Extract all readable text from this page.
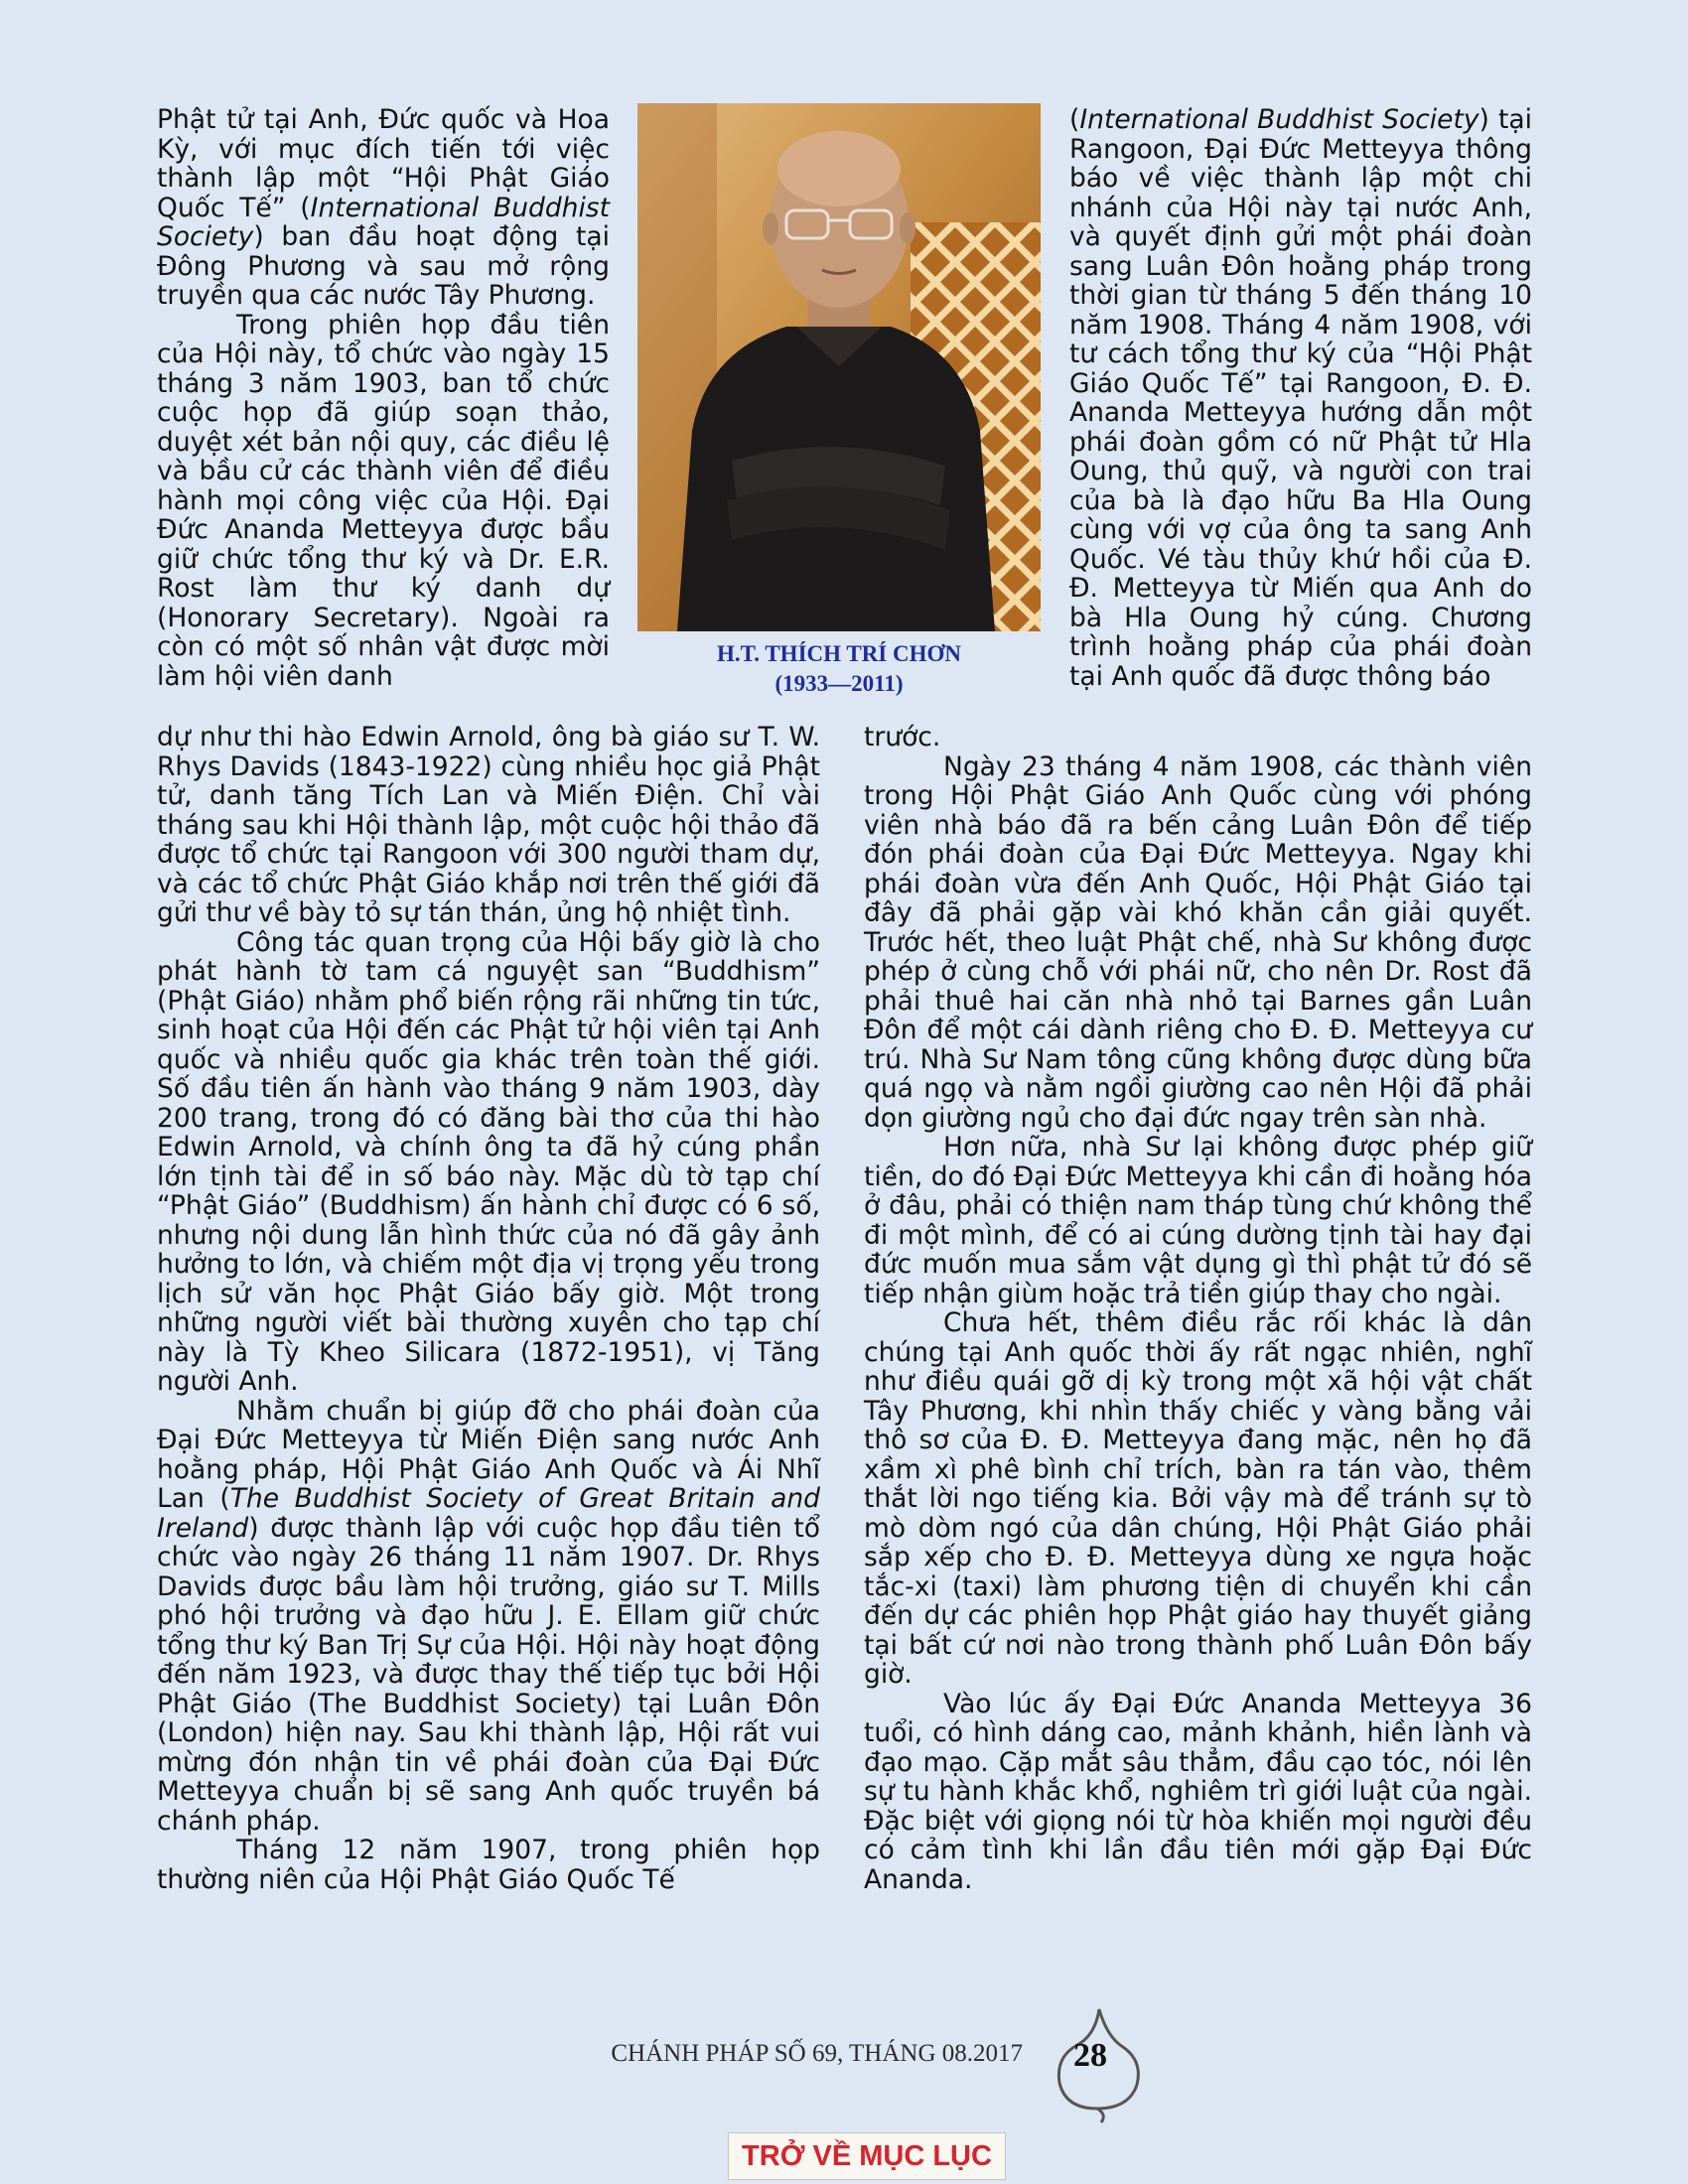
Phật tử tại Anh, Đức quốc và Hoa Kỳ, với mục đích tiến tới việc thành lập một “Hội Phật Giáo Quốc Tế” (International Buddhist Society) ban đầu hoạt động tại Đông Phương và sau mở rộng truyền qua các nước Tây Phương.

Trong phiên họp đầu tiên của Hội này, tổ chức vào ngày 15 tháng 3 năm 1903, ban tổ chức cuộc họp đã giúp soạn thảo, duyệt xét bản nội quy, các điều lệ và bầu cử các thành viên để điều hành mọi công việc của Hội. Đại Đức Ananda Metteyya được bầu giữ chức tổng thư ký và Dr. E.R. Rost làm thư ký danh dự (Honorary Secretary). Ngoài ra còn có một số nhân vật được mời làm hội viên danh

H.T. THÍCH TRÍ CHƠN
(1933—2011)

(International Buddhist Society) tại Rangoon, Đại Đức Metteyya thông báo về việc thành lập một chi nhánh của Hội này tại nước Anh, và quyết định gửi một phái đoàn sang Luân Đôn hoằng pháp trong thời gian từ tháng 5 đến tháng 10 năm 1908. Tháng 4 năm 1908, với tư cách tổng thư ký của “Hội Phật Giáo Quốc Tế” tại Rangoon, Đ. Đ. Ananda Metteyya hướng dẫn một phái đoàn gồm có nữ Phật tử Hla Oung, thủ quỹ, và người con trai của bà là đạo hữu Ba Hla Oung cùng với vợ của ông ta sang Anh Quốc. Vé tàu thủy khứ hồi của Đ. Đ. Metteyya từ Miến qua Anh do bà Hla Oung hỷ cúng. Chương trình hoằng pháp của phái đoàn tại Anh quốc đã được thông báo

dự như thi hào Edwin Arnold, ông bà giáo sư T. W. Rhys Davids (1843-1922) cùng nhiều học giả Phật tử, danh tăng Tích Lan và Miến Điện. Chỉ vài tháng sau khi Hội thành lập, một cuộc hội thảo đã được tổ chức tại Rangoon với 300 người tham dự, và các tổ chức Phật Giáo khắp nơi trên thế giới đã gửi thư về bày tỏ sự tán thán, ủng hộ nhiệt tình.

Công tác quan trọng của Hội bấy giờ là cho phát hành tờ tam cá nguyệt san “Buddhism” (Phật Giáo) nhằm phổ biến rộng rãi những tin tức, sinh hoạt của Hội đến các Phật tử hội viên tại Anh quốc và nhiều quốc gia khác trên toàn thế giới. Số đầu tiên ấn hành vào tháng 9 năm 1903, dày 200 trang, trong đó có đăng bài thơ của thi hào Edwin Arnold, và chính ông ta đã hỷ cúng phần lớn tịnh tài để in số báo này. Mặc dù tờ tạp chí “Phật Giáo” (Buddhism) ấn hành chỉ được có 6 số, nhưng nội dung lẫn hình thức của nó đã gây ảnh hưởng to lớn, và chiếm một địa vị trọng yếu trong lịch sử văn học Phật Giáo bấy giờ. Một trong những người viết bài thường xuyên cho tạp chí này là Tỳ Kheo Silicara (1872-1951), vị Tăng người Anh.

Nhằm chuẩn bị giúp đỡ cho phái đoàn của Đại Đức Metteyya từ Miến Điện sang nước Anh hoằng pháp, Hội Phật Giáo Anh Quốc và Ái Nhĩ Lan (The Buddhist Society of Great Britain and Ireland) được thành lập với cuộc họp đầu tiên tổ chức vào ngày 26 tháng 11 năm 1907. Dr. Rhys Davids được bầu làm hội trưởng, giáo sư T. Mills phó hội trưởng và đạo hữu J. E. Ellam giữ chức tổng thư ký Ban Trị Sự của Hội. Hội này hoạt động đến năm 1923, và được thay thế tiếp tục bởi Hội Phật Giáo (The Buddhist Society) tại Luân Đôn (London) hiện nay. Sau khi thành lập, Hội rất vui mừng đón nhận tin về phái đoàn của Đại Đức Metteyya chuẩn bị sẽ sang Anh quốc truyền bá chánh pháp.

Tháng 12 năm 1907, trong phiên họp thường niên của Hội Phật Giáo Quốc Tế

trước.

Ngày 23 tháng 4 năm 1908, các thành viên trong Hội Phật Giáo Anh Quốc cùng với phóng viên nhà báo đã ra bến cảng Luân Đôn để tiếp đón phái đoàn của Đại Đức Metteyya. Ngay khi phái đoàn vừa đến Anh Quốc, Hội Phật Giáo tại đây đã phải gặp vài khó khăn cần giải quyết. Trước hết, theo luật Phật chế, nhà Sư không được phép ở cùng chỗ với phái nữ, cho nên Dr. Rost đã phải thuê hai căn nhà nhỏ tại Barnes gần Luân Đôn để một cái dành riêng cho Đ. Đ. Metteyya cư trú. Nhà Sư Nam tông cũng không được dùng bữa quá ngọ và nằm ngồi giường cao nên Hội đã phải dọn giường ngủ cho đại đức ngay trên sàn nhà.

Hơn nữa, nhà Sư lại không được phép giữ tiền, do đó Đại Đức Metteyya khi cần đi hoằng hóa ở đâu, phải có thiện nam tháp tùng chứ không thể đi một mình, để có ai cúng dường tịnh tài hay đại đức muốn mua sắm vật dụng gì thì phật tử đó sẽ tiếp nhận giùm hoặc trả tiền giúp thay cho ngài.

Chưa hết, thêm điều rắc rối khác là dân chúng tại Anh quốc thời ấy rất ngạc nhiên, nghĩ như điều quái gỡ dị kỳ trong một xã hội vật chất Tây Phương, khi nhìn thấy chiếc y vàng bằng vải thô sơ của Đ. Đ. Metteyya đang mặc, nên họ đã xầm xì phê bình chỉ trích, bàn ra tán vào, thêm thắt lời ngo tiếng kia. Bởi vậy mà để tránh sự tò mò dòm ngó của dân chúng, Hội Phật Giáo phải sắp xếp cho Đ. Đ. Metteyya dùng xe ngựa hoặc tắc-xi (taxi) làm phương tiện di chuyển khi cần đến dự các phiên họp Phật giáo hay thuyết giảng tại bất cứ nơi nào trong thành phố Luân Đôn bấy giờ.

Vào lúc ấy Đại Đức Ananda Metteyya 36 tuổi, có hình dáng cao, mảnh khảnh, hiền lành và đạo mạo. Cặp mắt sâu thẳm, đầu cạo tóc, nói lên sự tu hành khắc khổ, nghiêm trì giới luật của ngài. Đặc biệt với giọng nói từ hòa khiến mọi người đều có cảm tình khi lần đầu tiên mới gặp Đại Đức Ananda.

CHÁNH PHÁP SỐ 69, THÁNG 08.2017 28
TRỞ VỀ MỤC LỤC
